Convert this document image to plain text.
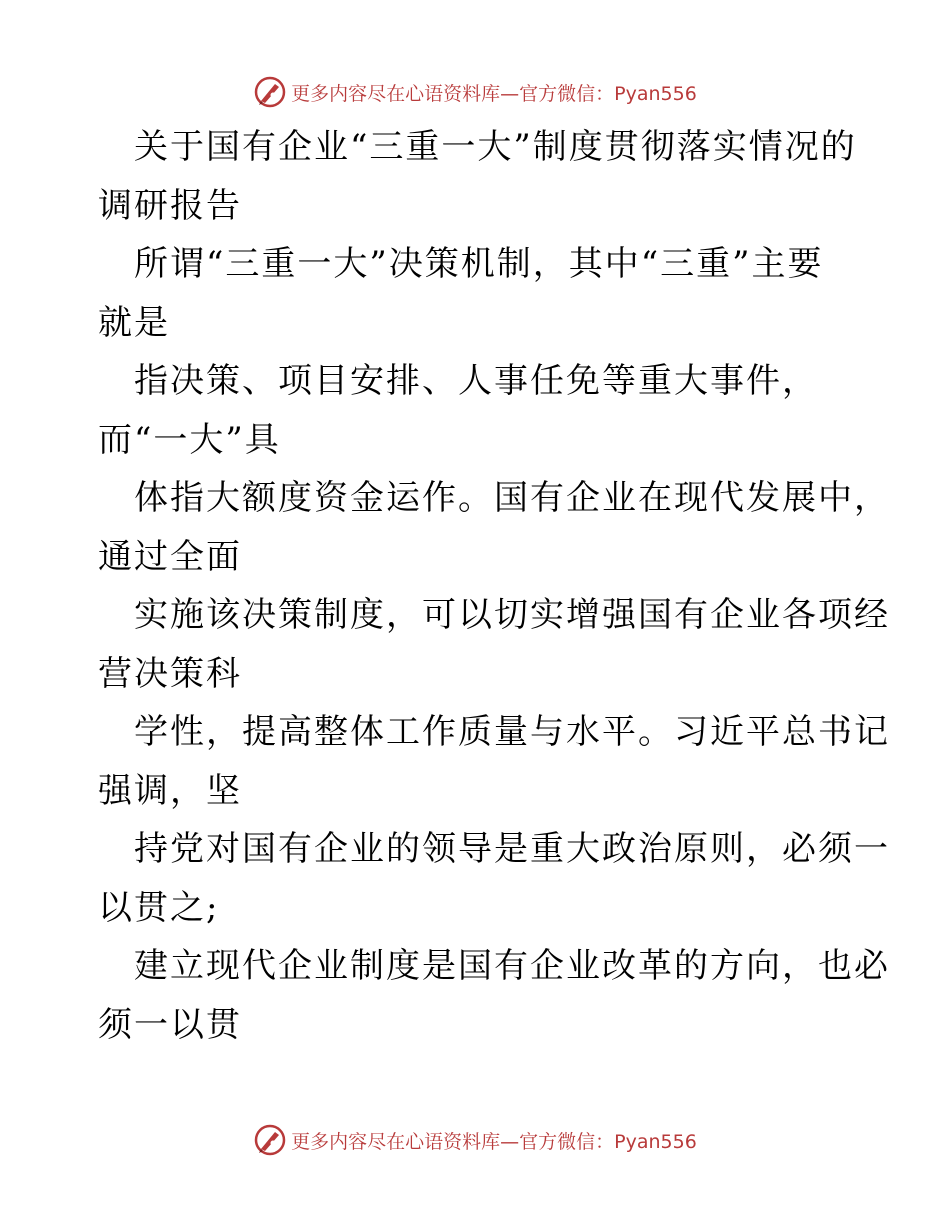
更多内容尽在心语资料库—官方微信：Pyan556
关于国有企业“三重一大”制度贯彻落实情况的
调研报告
所谓“三重一大”决策机制，其中“三重”主要
就是
指决策、项目安排、人事任免等重大事件，
而“一大”具
体指大额度资金运作。国有企业在现代发展中，
通过全面
实施该决策制度，可以切实增强国有企业各项经
营决策科
学性，提高整体工作质量与水平。习近平总书记
强调，坚
持党对国有企业的领导是重大政治原则，必须一
以贯之;
建立现代企业制度是国有企业改革的方向，也必
须一以贯
更多内容尽在心语资料库—官方微信：Pyan556
